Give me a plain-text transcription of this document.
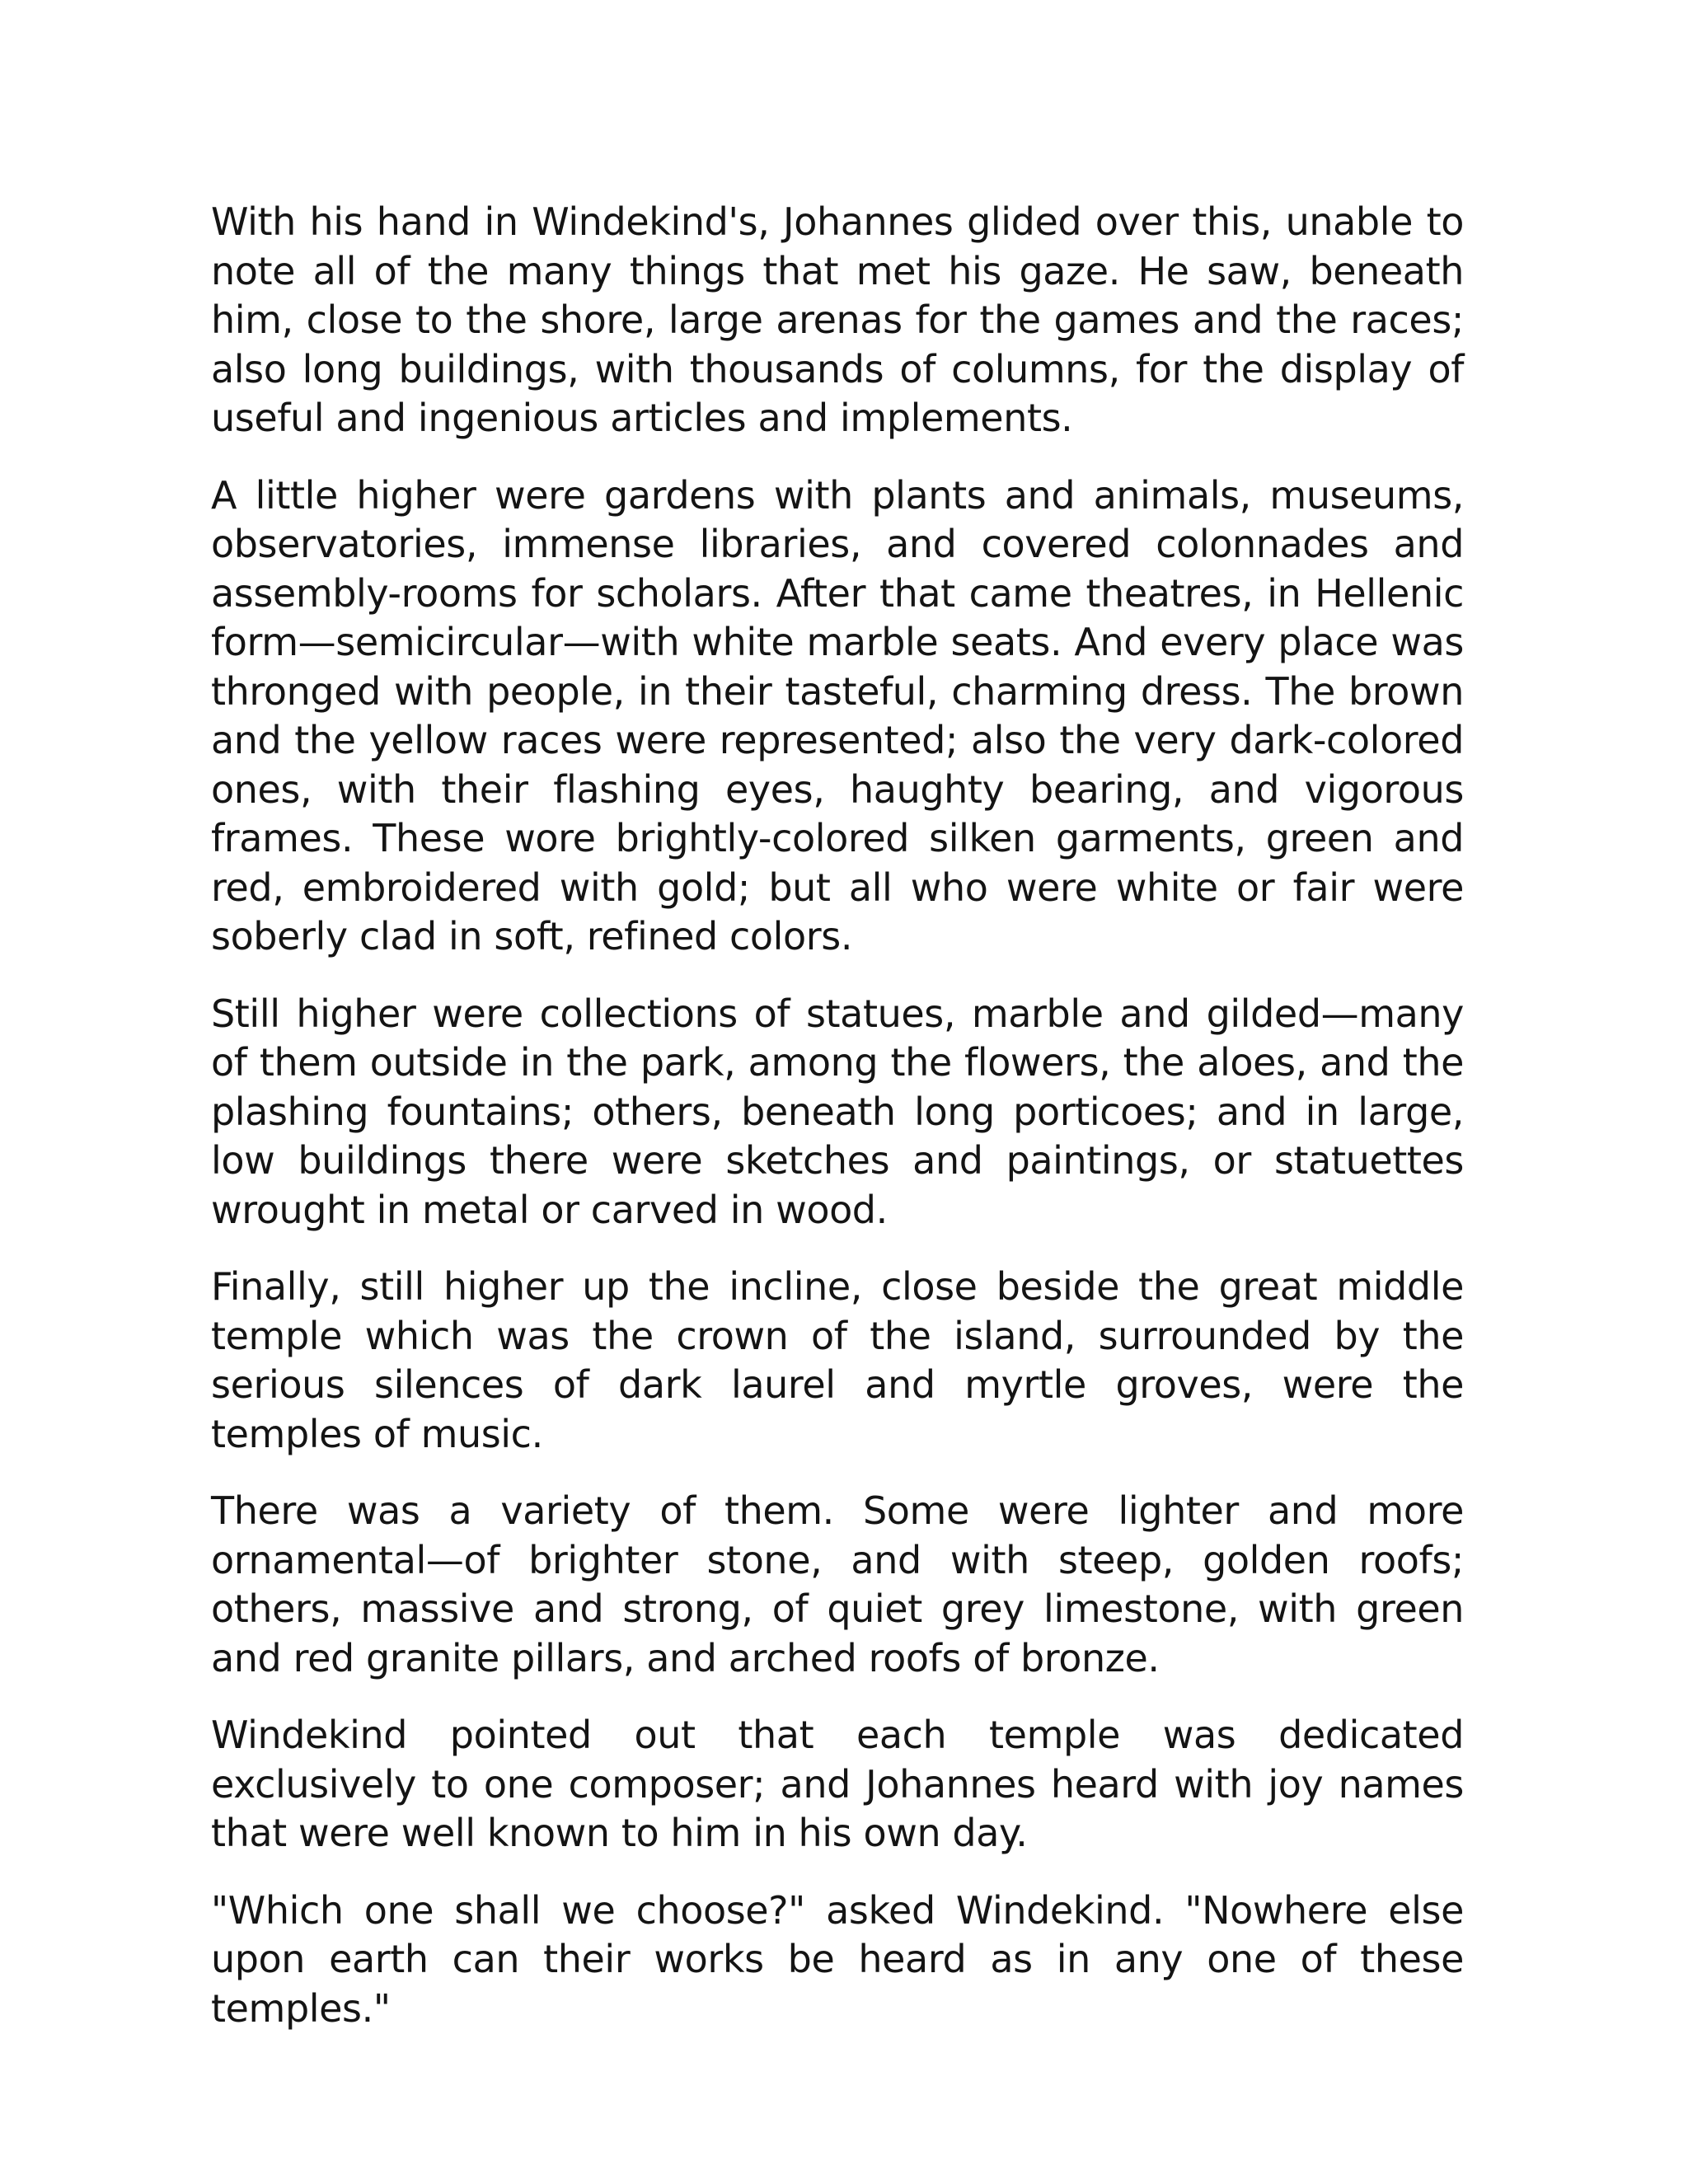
With his hand in Windekind's, Johannes glided over this, unable to note all of the many things that met his gaze. He saw, beneath him, close to the shore, large arenas for the games and the races; also long buildings, with thousands of columns, for the display of useful and ingenious articles and implements.

A little higher were gardens with plants and animals, museums, observatories, immense libraries, and covered colonnades and assembly-rooms for scholars. After that came theatres, in Hellenic form—semicircular—with white marble seats. And every place was thronged with people, in their tasteful, charming dress. The brown and the yellow races were represented; also the very dark-colored ones, with their flashing eyes, haughty bearing, and vigorous frames. These wore brightly-colored silken garments, green and red, embroidered with gold; but all who were white or fair were soberly clad in soft, refined colors.

Still higher were collections of statues, marble and gilded—many of them outside in the park, among the flowers, the aloes, and the plashing fountains; others, beneath long porticoes; and in large, low buildings there were sketches and paintings, or statuettes wrought in metal or carved in wood.

Finally, still higher up the incline, close beside the great middle temple which was the crown of the island, surrounded by the serious silences of dark laurel and myrtle groves, were the temples of music.

There was a variety of them. Some were lighter and more ornamental—of brighter stone, and with steep, golden roofs; others, massive and strong, of quiet grey limestone, with green and red granite pillars, and arched roofs of bronze.

Windekind pointed out that each temple was dedicated exclusively to one composer; and Johannes heard with joy names that were well known to him in his own day.

"Which one shall we choose?" asked Windekind. "Nowhere else upon earth can their works be heard as in any one of these temples."
